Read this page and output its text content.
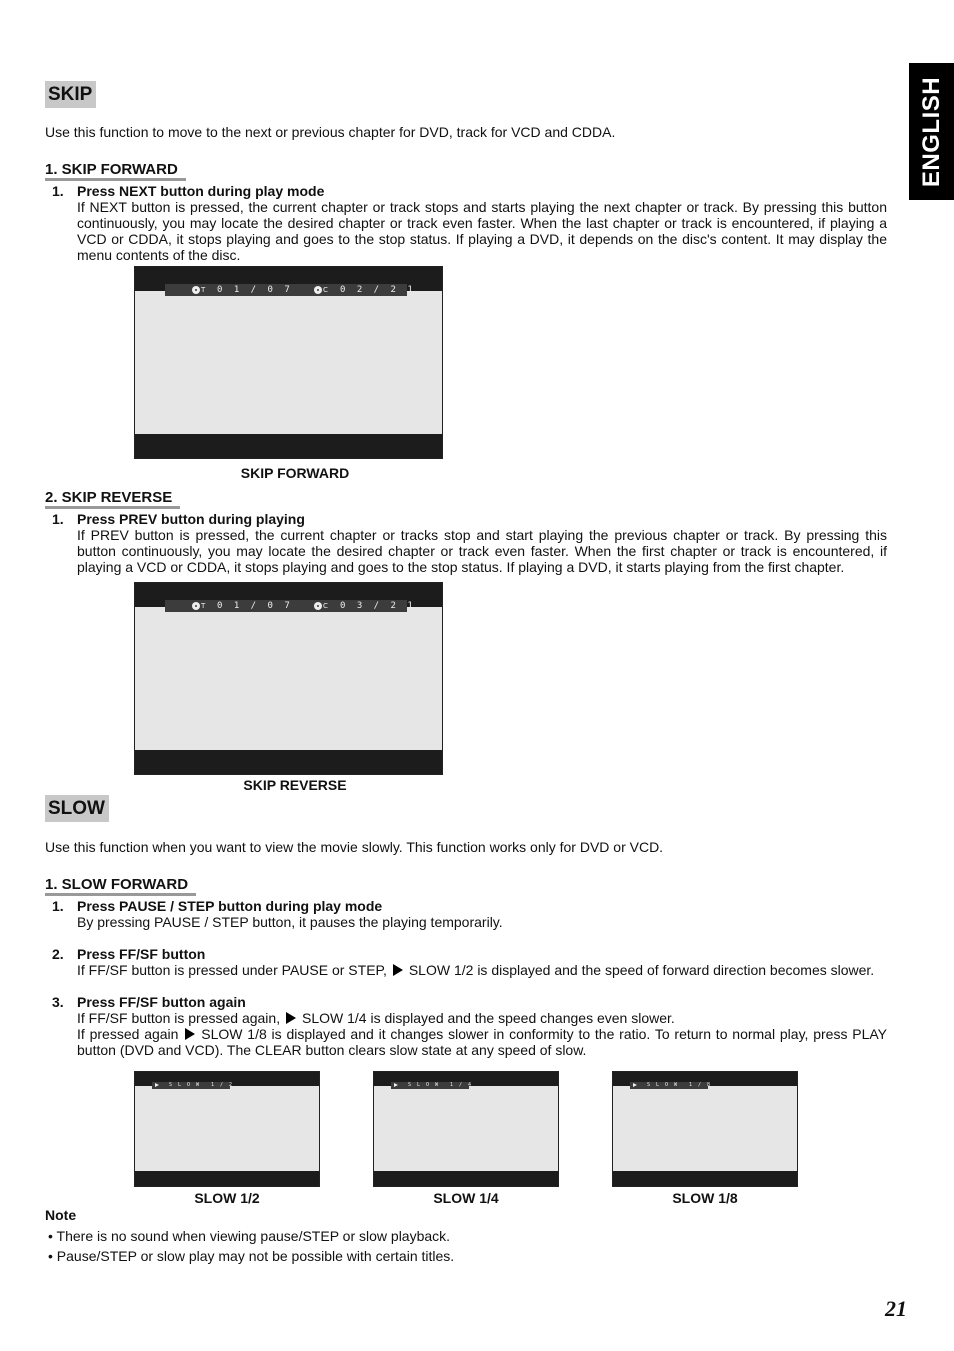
ENGLISH
SKIP
Use this function to move to the next or previous chapter for DVD, track for VCD and CDDA.
1. SKIP FORWARD
1. Press NEXT button during play mode
If NEXT button is pressed, the current chapter or track stops and starts playing the next chapter or track. By pressing this button continuously, you may locate the desired chapter or track even faster. When the last chapter or track is encountered, if playing a VCD or CDDA, it stops playing and goes to the stop status. If playing a DVD, it depends on the disc's content. It may display the menu contents of the disc.
T 0 1 / 0 7	C 0 2 / 2 1
SKIP FORWARD
2. SKIP REVERSE
1. Press PREV button during playing
If PREV button is pressed, the current chapter or tracks stop and start playing the previous chapter or track. By pressing this button continuously, you may locate the desired chapter or track even faster. When the first chapter or track is encountered, if playing a VCD or CDDA, it stops playing and goes to the stop status. If playing a DVD, it starts playing from the first chapter.
T 0 1 / 0 7	C 0 3 / 2 1
SKIP REVERSE
SLOW
Use this function when you want to view the movie slowly. This function works only for DVD or VCD.
1. SLOW FORWARD
1. Press PAUSE / STEP button during play mode
By pressing PAUSE / STEP button, it pauses the playing temporarily.
2. Press FF/SF button
If FF/SF button is pressed under PAUSE or STEP, SLOW 1/2 is displayed and the speed of forward direction becomes slower.
3. Press FF/SF button again
If FF/SF button is pressed again, SLOW 1/4 is displayed and the speed changes even slower.
If pressed again SLOW 1/8 is displayed and it changes slower in conformity to the ratio. To return to normal play, press PLAY button (DVD and VCD). The CLEAR button clears slow state at any speed of slow.
S L O W 1 / 2
SLOW 1/2
S L O W 1 / 4
SLOW 1/4
S L O W 1 / 8
SLOW 1/8
Note
• There is no sound when viewing pause/STEP or slow playback.
• Pause/STEP or slow play may not be possible with certain titles.
21
